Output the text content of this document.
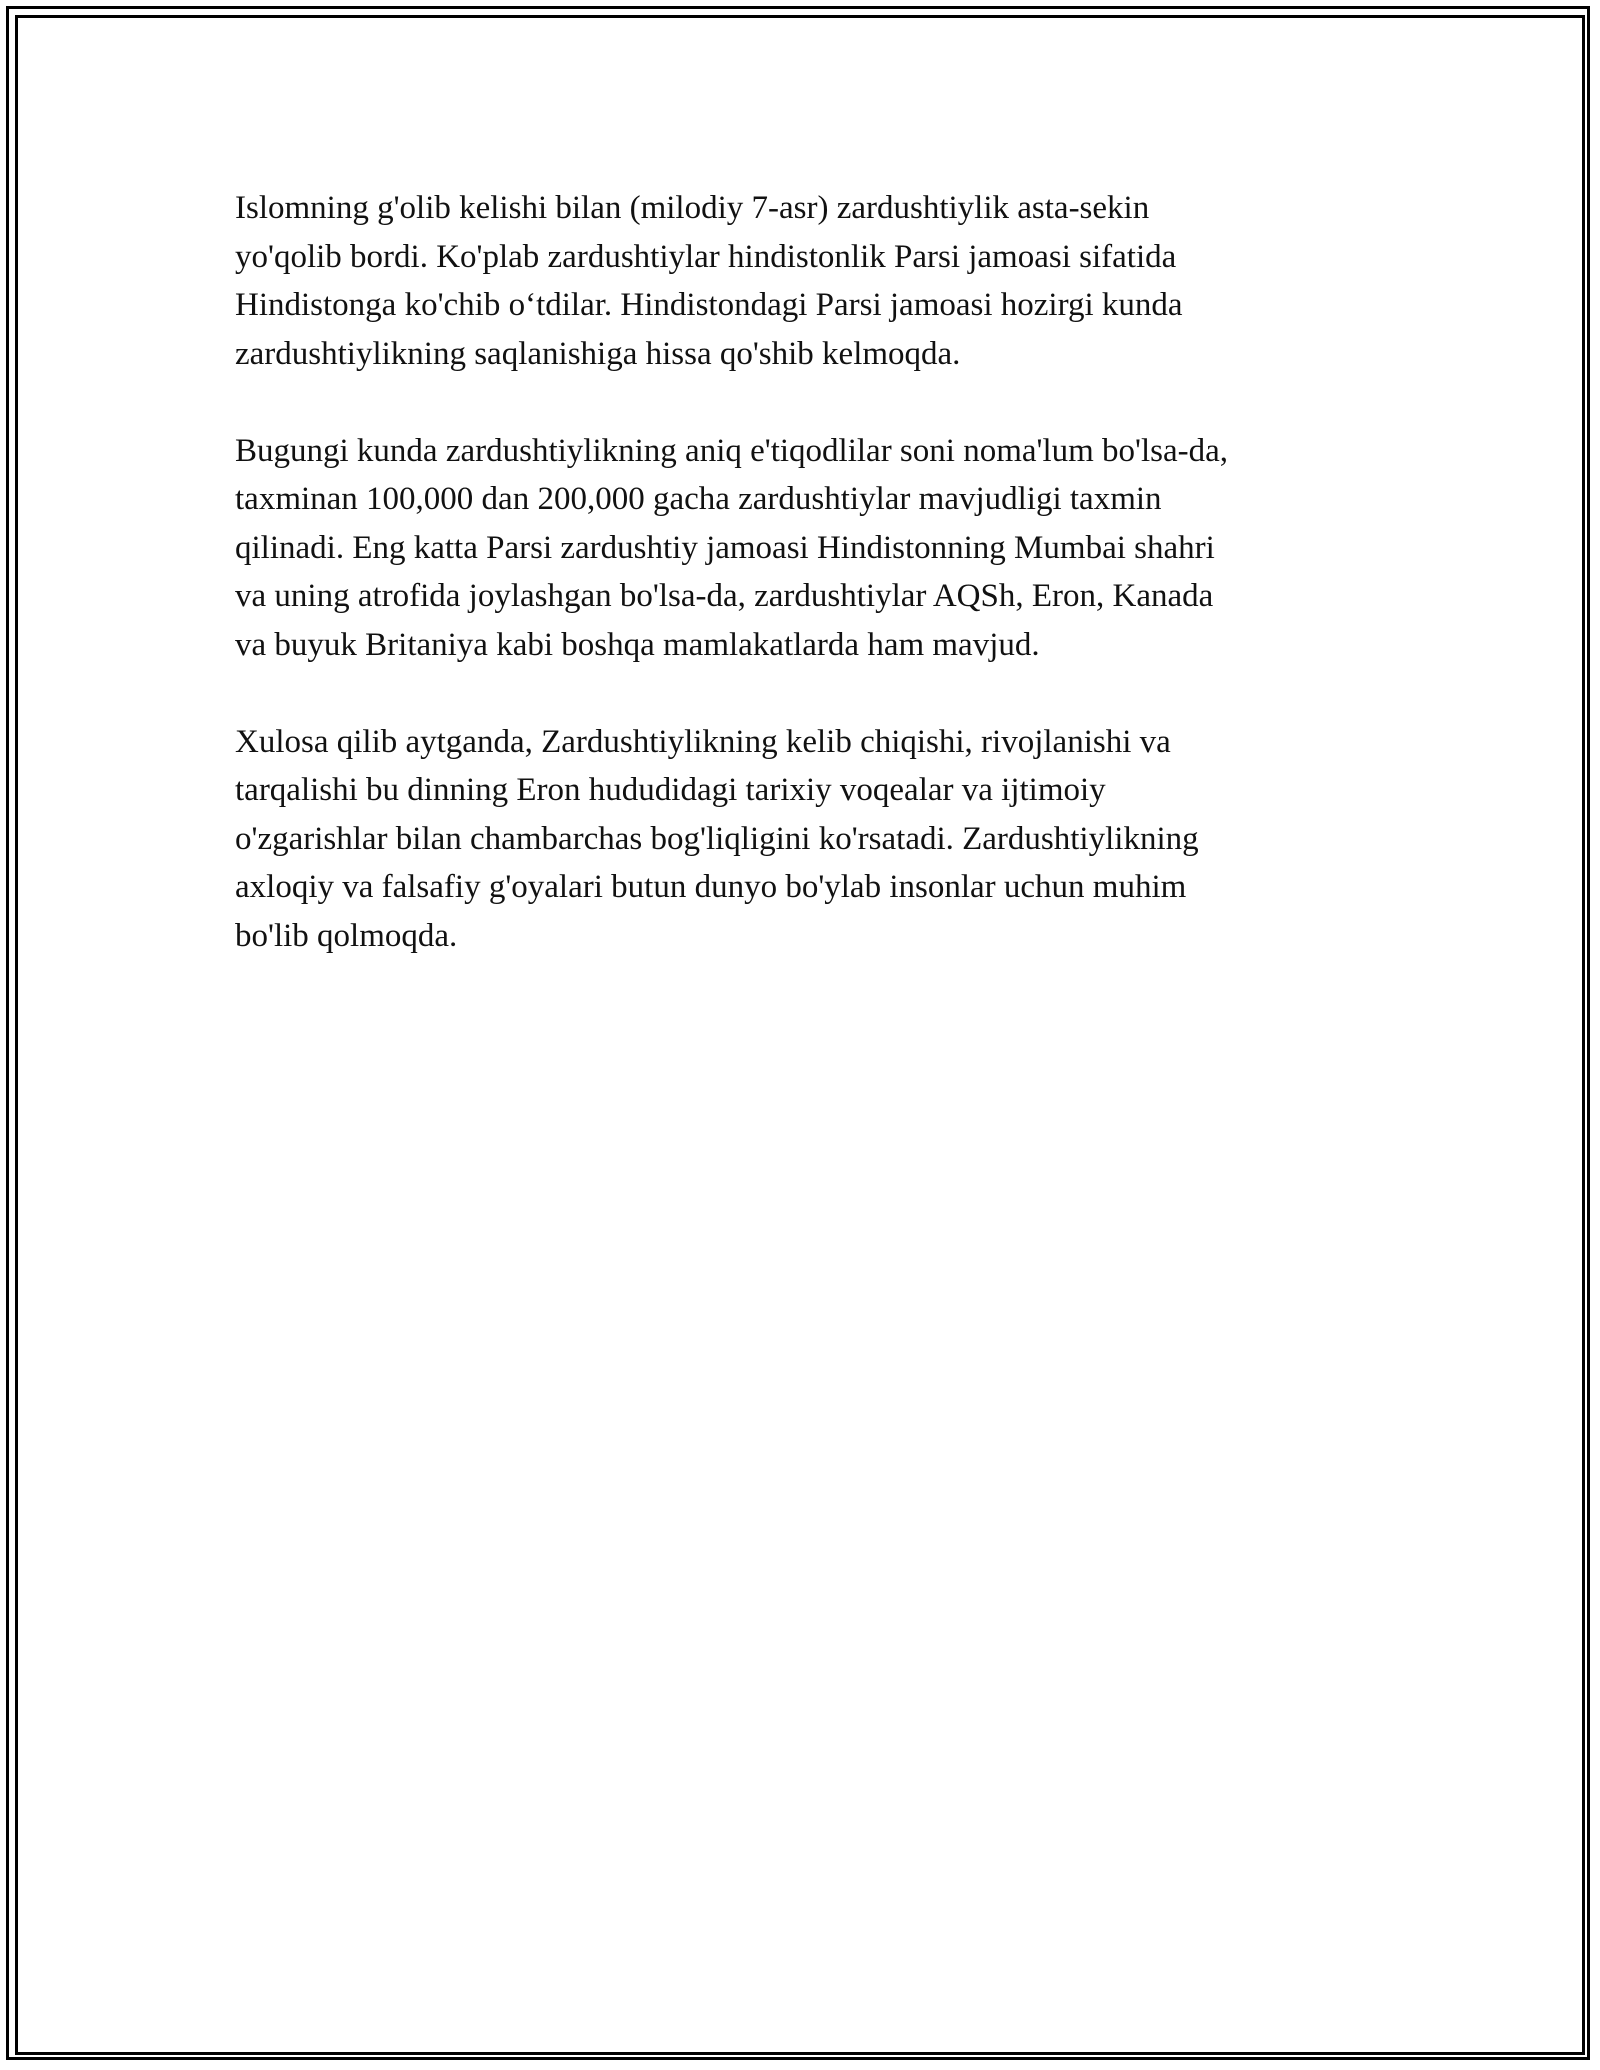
Islomning g'olib kelishi bilan (milodiy 7-asr) zardushtiylik asta-sekin
yo'qolib bordi. Ko'plab zardushtiylar hindistonlik Parsi jamoasi sifatida
Hindistonga ko'chib o‘tdilar. Hindistondagi Parsi jamoasi hozirgi kunda
zardushtiylikning saqlanishiga hissa qo'shib kelmoqda.

Bugungi kunda zardushtiylikning aniq e'tiqodlilar soni noma'lum bo'lsa-da,
taxminan 100,000 dan 200,000 gacha zardushtiylar mavjudligi taxmin
qilinadi. Eng katta Parsi zardushtiy jamoasi Hindistonning Mumbai shahri
va uning atrofida joylashgan bo'lsa-da, zardushtiylar AQSh, Eron, Kanada
va buyuk Britaniya kabi boshqa mamlakatlarda ham mavjud.

Xulosa qilib aytganda, Zardushtiylikning kelib chiqishi, rivojlanishi va
tarqalishi bu dinning Eron hududidagi tarixiy voqealar va ijtimoiy
o'zgarishlar bilan chambarchas bog'liqligini ko'rsatadi. Zardushtiylikning
axloqiy va falsafiy g'oyalari butun dunyo bo'ylab insonlar uchun muhim
bo'lib qolmoqda.
